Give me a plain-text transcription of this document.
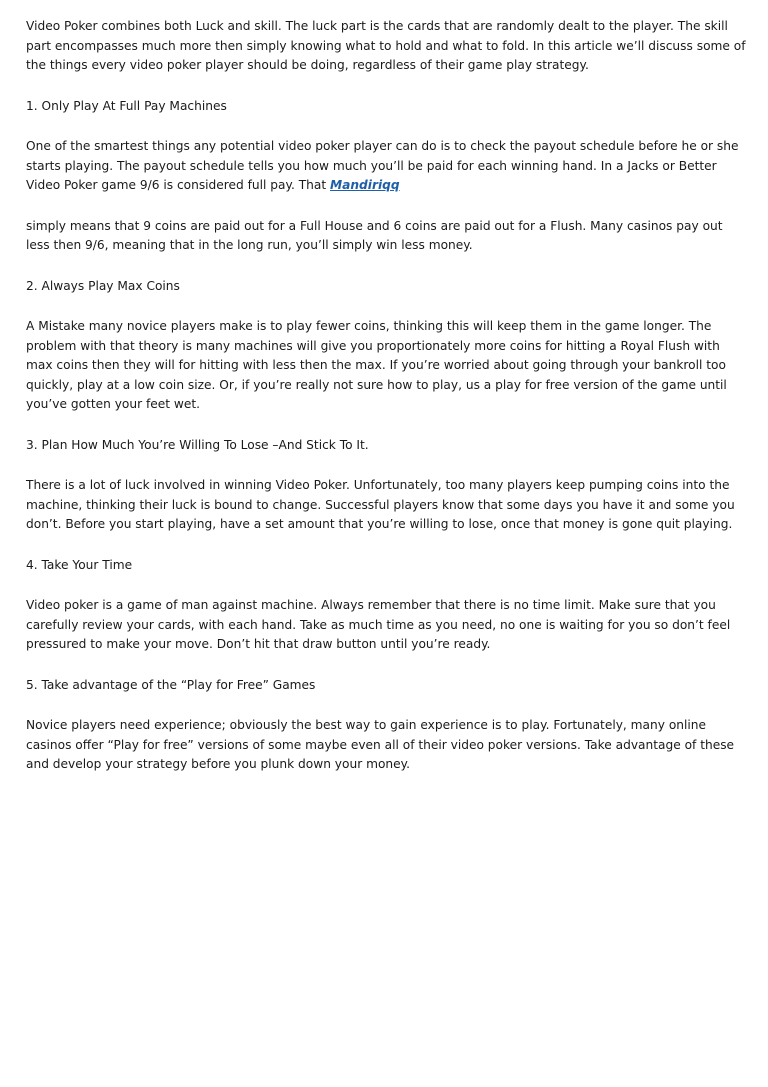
Video Poker combines both Luck and skill. The luck part is the cards that are randomly dealt to the player. The skill part encompasses much more then simply knowing what to hold and what to fold. In this article we’ll discuss some of the things every video poker player should be doing, regardless of their game play strategy.

1. Only Play At Full Pay Machines

One of the smartest things any potential video poker player can do is to check the payout schedule before he or she starts playing. The payout schedule tells you how much you’ll be paid for each winning hand. In a Jacks or Better Video Poker game 9/6 is considered full pay. That Mandiriqq

simply means that 9 coins are paid out for a Full House and 6 coins are paid out for a Flush. Many casinos pay out less then 9/6, meaning that in the long run, you’ll simply win less money.

2. Always Play Max Coins

A Mistake many novice players make is to play fewer coins, thinking this will keep them in the game longer. The problem with that theory is many machines will give you proportionately more coins for hitting a Royal Flush with max coins then they will for hitting with less then the max. If you’re worried about going through your bankroll too quickly, play at a low coin size. Or, if you’re really not sure how to play, us a play for free version of the game until you’ve gotten your feet wet.

3. Plan How Much You’re Willing To Lose –And Stick To It.

There is a lot of luck involved in winning Video Poker. Unfortunately, too many players keep pumping coins into the machine, thinking their luck is bound to change. Successful players know that some days you have it and some you don’t. Before you start playing, have a set amount that you’re willing to lose, once that money is gone quit playing.

4. Take Your Time

Video poker is a game of man against machine. Always remember that there is no time limit. Make sure that you carefully review your cards, with each hand. Take as much time as you need, no one is waiting for you so don’t feel pressured to make your move. Don’t hit that draw button until you’re ready.

5. Take advantage of the “Play for Free” Games

Novice players need experience; obviously the best way to gain experience is to play. Fortunately, many online casinos offer “Play for free” versions of some maybe even all of their video poker versions. Take advantage of these and develop your strategy before you plunk down your money.
